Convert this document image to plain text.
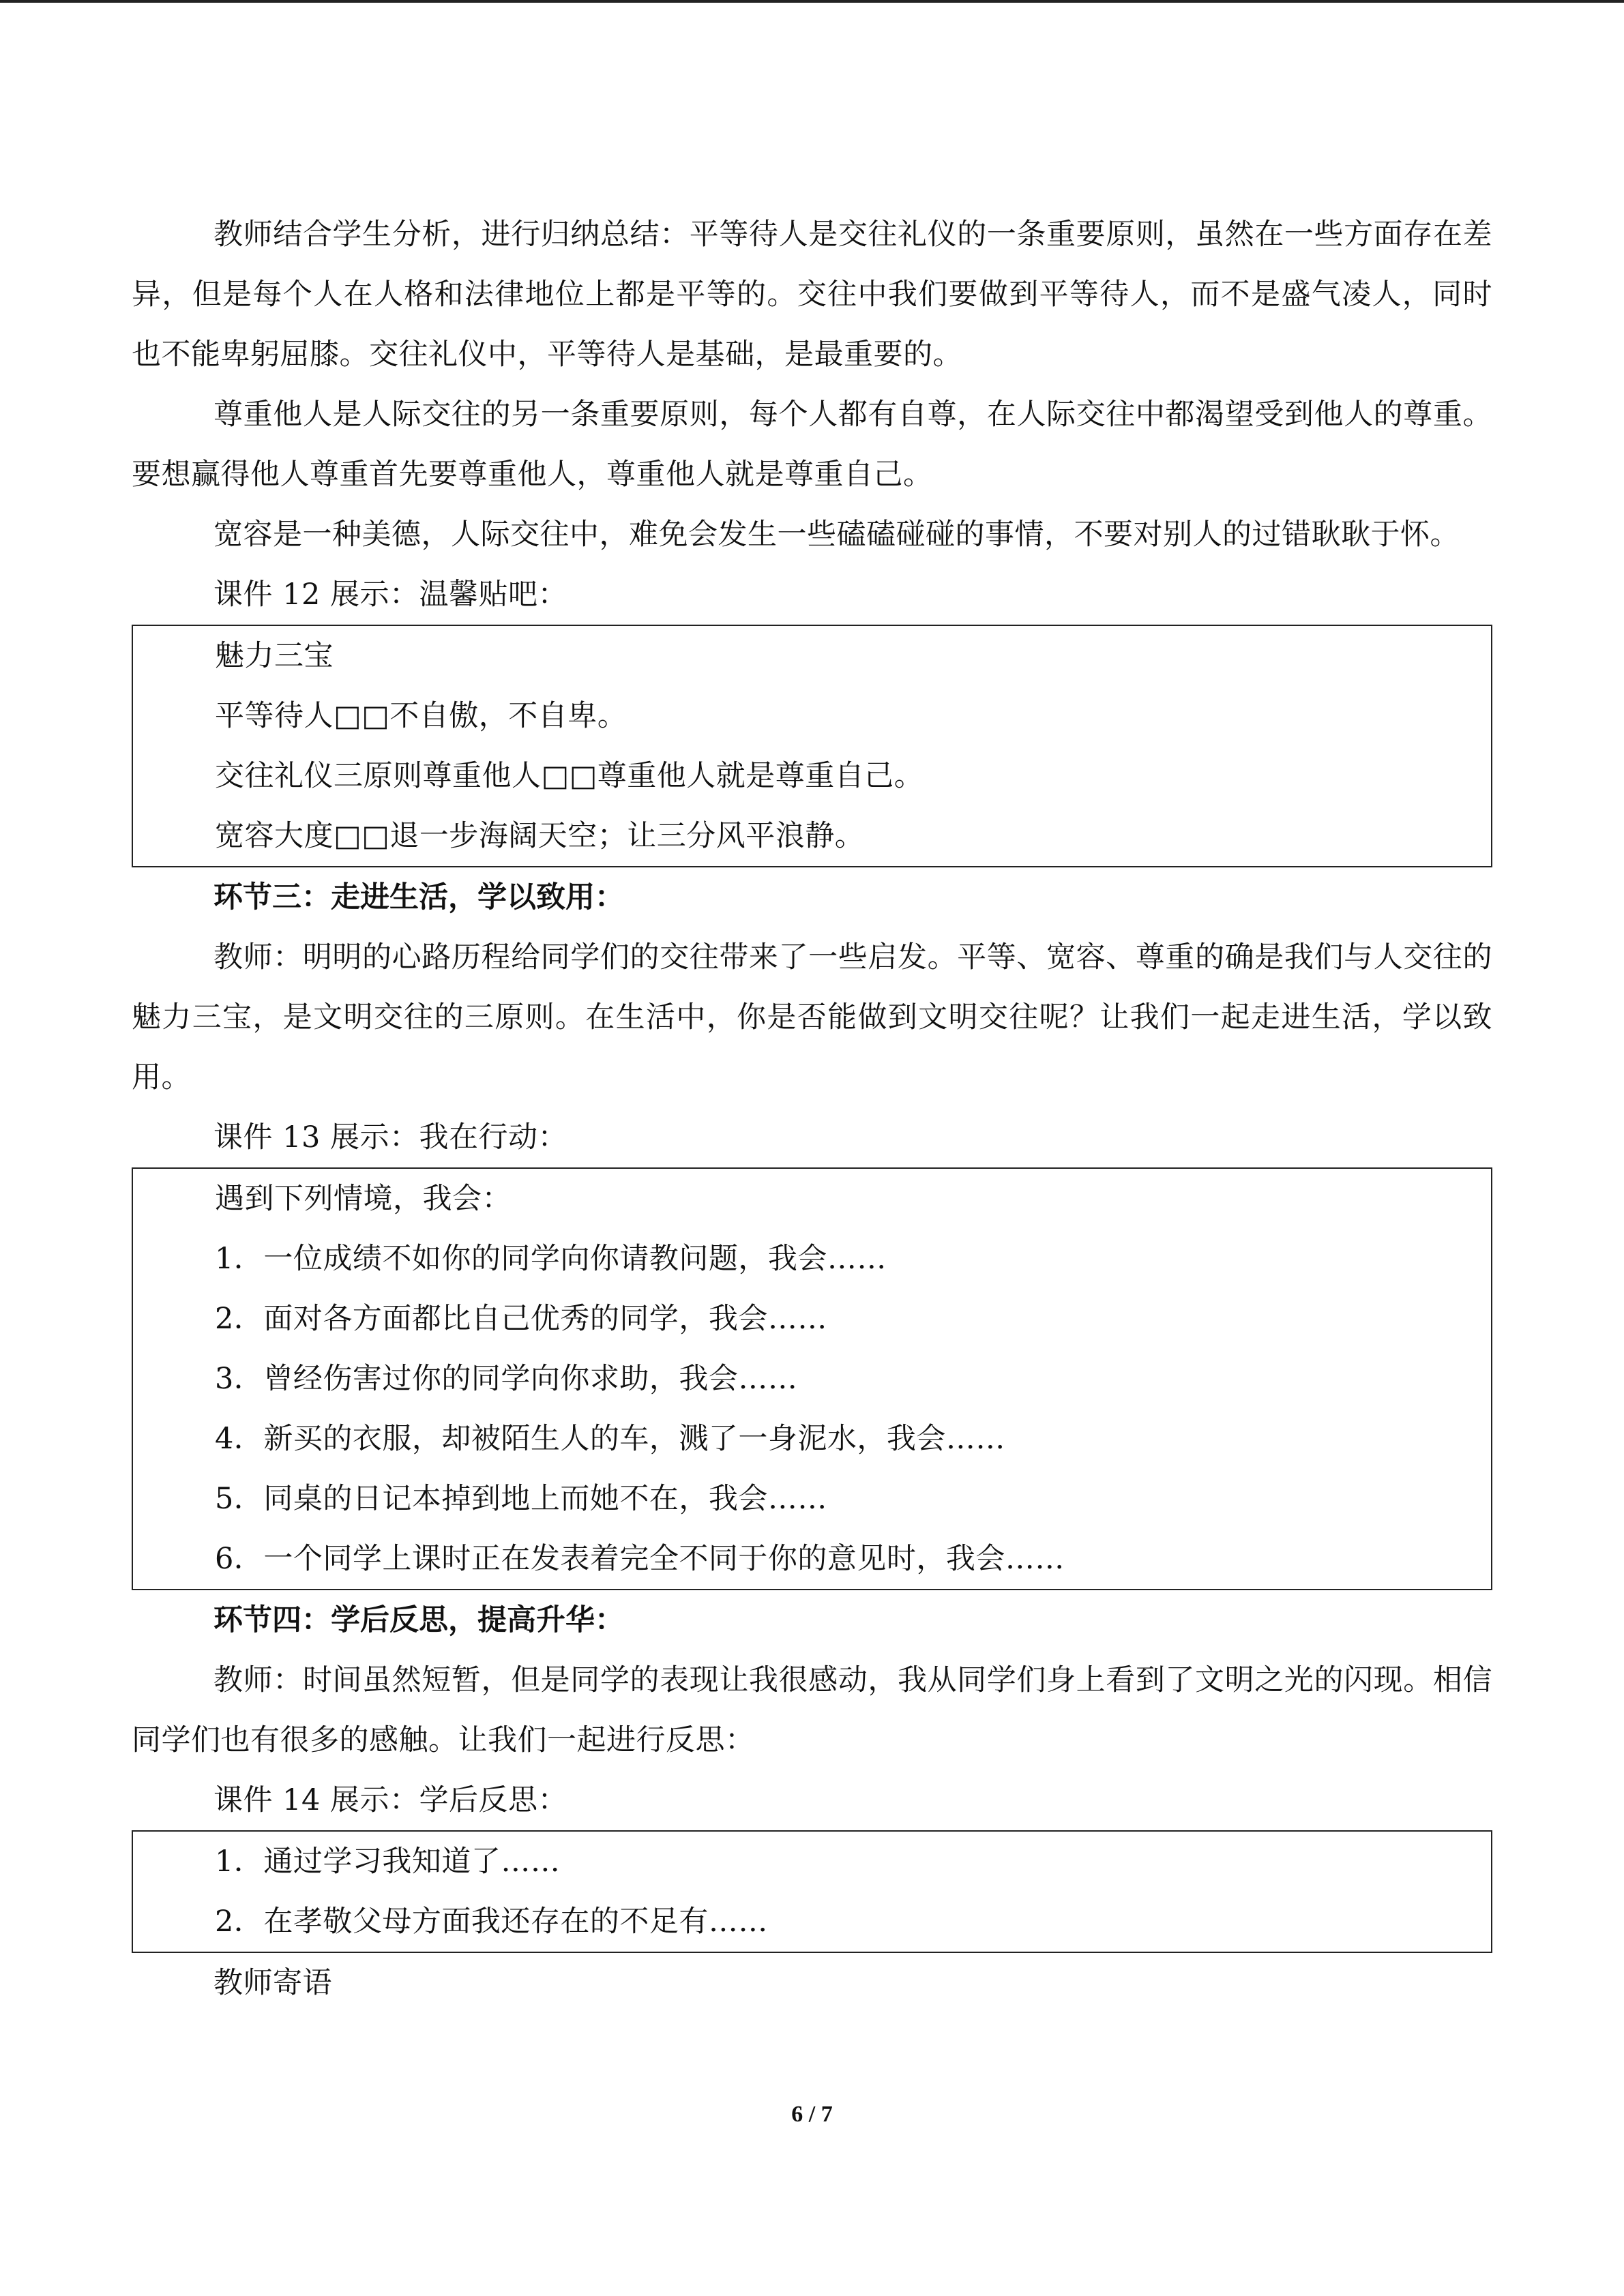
教师结合学生分析，进行归纳总结：平等待人是交往礼仪的一条重要原则，虽然在一些方面存在差异，但是每个人在人格和法律地位上都是平等的。交往中我们要做到平等待人，而不是盛气凌人，同时也不能卑躬屈膝。交往礼仪中，平等待人是基础，是最重要的。

尊重他人是人际交往的另一条重要原则，每个人都有自尊，在人际交往中都渴望受到他人的尊重。要想赢得他人尊重首先要尊重他人，尊重他人就是尊重自己。

宽容是一种美德，人际交往中，难免会发生一些磕磕碰碰的事情，不要对别人的过错耿耿于怀。

课件 12 展示：温馨贴吧：

魅力三宝

平等待人□□不自傲，不自卑。

交往礼仪三原则尊重他人□□尊重他人就是尊重自己。

宽容大度□□退一步海阔天空；让三分风平浪静。

环节三：走进生活，学以致用：

教师：明明的心路历程给同学们的交往带来了一些启发。平等、宽容、尊重的确是我们与人交往的魅力三宝，是文明交往的三原则。在生活中，你是否能做到文明交往呢？让我们一起走进生活，学以致用。

课件 13 展示：我在行动：

遇到下列情境，我会：

1．一位成绩不如你的同学向你请教问题，我会……

2．面对各方面都比自己优秀的同学，我会……

3．曾经伤害过你的同学向你求助，我会……

4．新买的衣服，却被陌生人的车，溅了一身泥水，我会……

5．同桌的日记本掉到地上而她不在，我会……

6．一个同学上课时正在发表着完全不同于你的意见时，我会……

环节四：学后反思，提高升华：

教师：时间虽然短暂，但是同学的表现让我很感动，我从同学们身上看到了文明之光的闪现。相信同学们也有很多的感触。让我们一起进行反思：

课件 14 展示：学后反思：

1．通过学习我知道了……

2．在孝敬父母方面我还存在的不足有……

教师寄语

6 / 7
